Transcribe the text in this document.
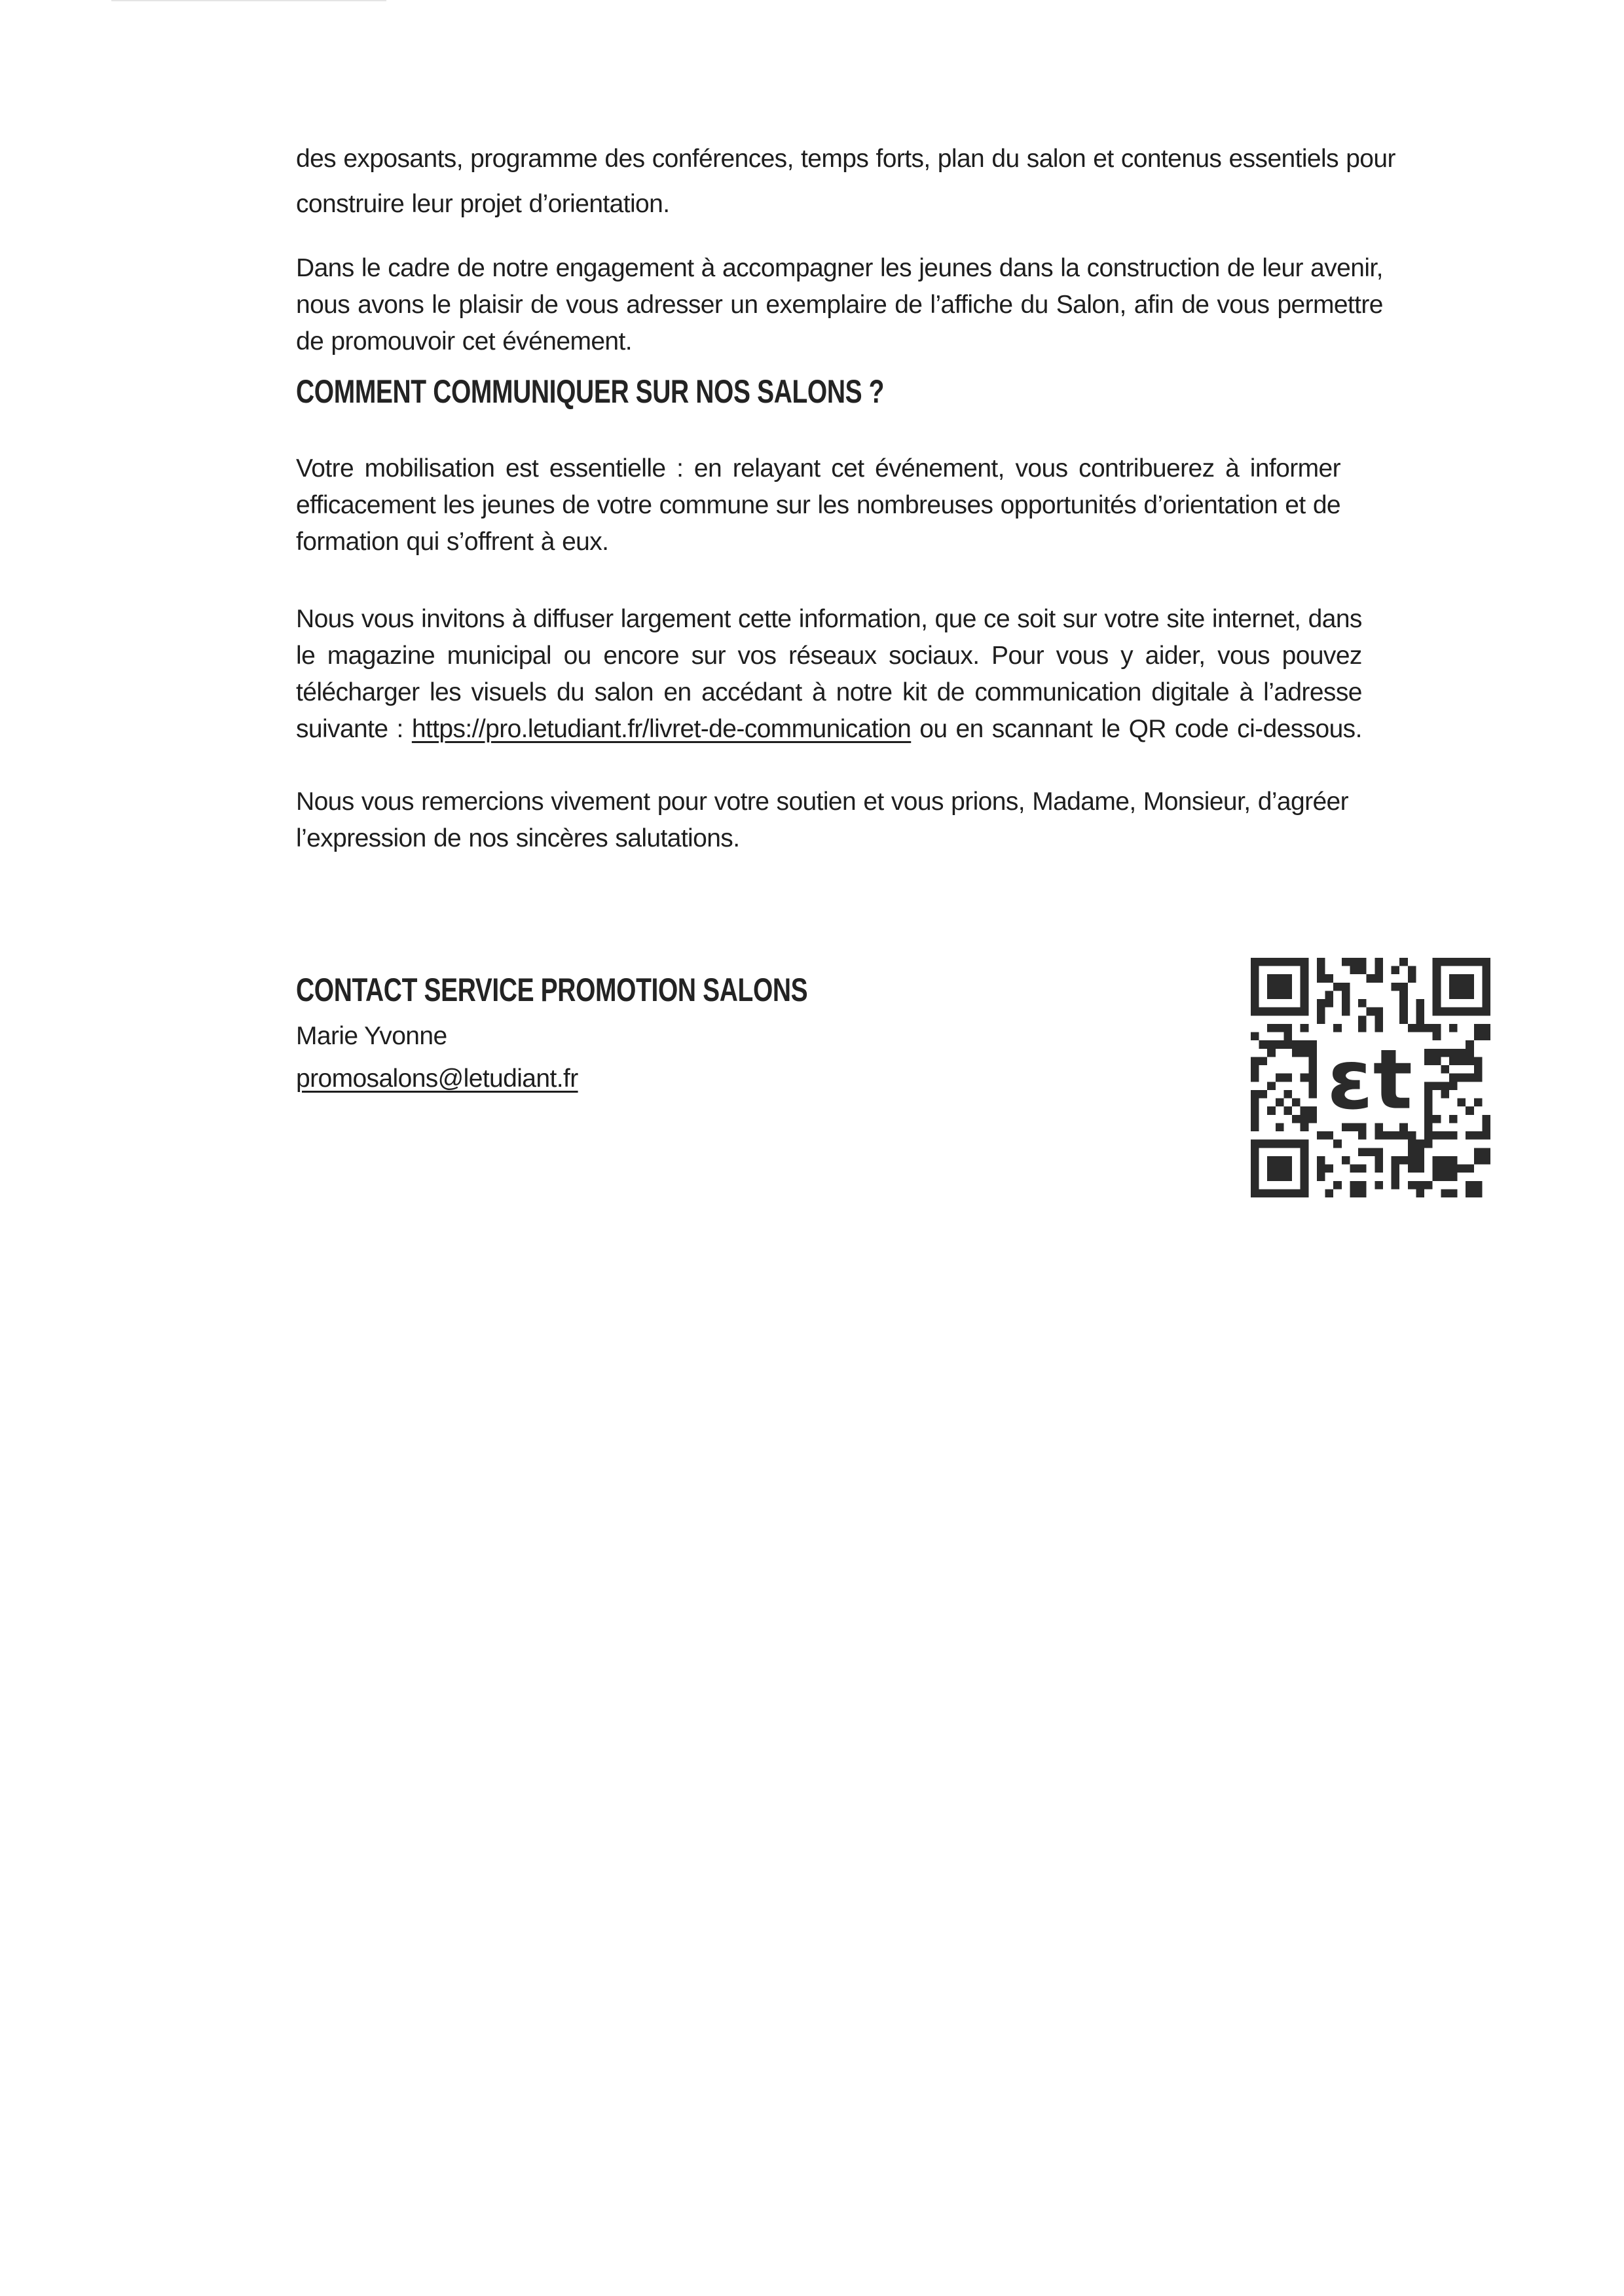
des exposants, programme des conférences, temps forts, plan du salon et contenus essentiels pour
construire leur projet d’orientation.

Dans le cadre de notre engagement à accompagner les jeunes dans la construction de leur avenir,
nous avons le plaisir de vous adresser un exemplaire de l’affiche du Salon, afin de vous permettre
de promouvoir cet événement.

COMMENT COMMUNIQUER SUR NOS SALONS ?

Votre mobilisation est essentielle : en relayant cet événement, vous contribuerez à informer
efficacement les jeunes de votre commune sur les nombreuses opportunités d’orientation et de
formation qui s’offrent à eux.

Nous vous invitons à diffuser largement cette information, que ce soit sur votre site internet, dans
le magazine municipal ou encore sur vos réseaux sociaux. Pour vous y aider, vous pouvez
télécharger les visuels du salon en accédant à notre kit de communication digitale à l’adresse
suivante : https://pro.letudiant.fr/livret-de-communication ou en scannant le QR code ci-dessous.

Nous vous remercions vivement pour votre soutien et vous prions, Madame, Monsieur, d’agréer
l’expression de nos sincères salutations.

CONTACT SERVICE PROMOTION SALONS

Marie Yvonne

promosalons@letudiant.fr	ɛt
